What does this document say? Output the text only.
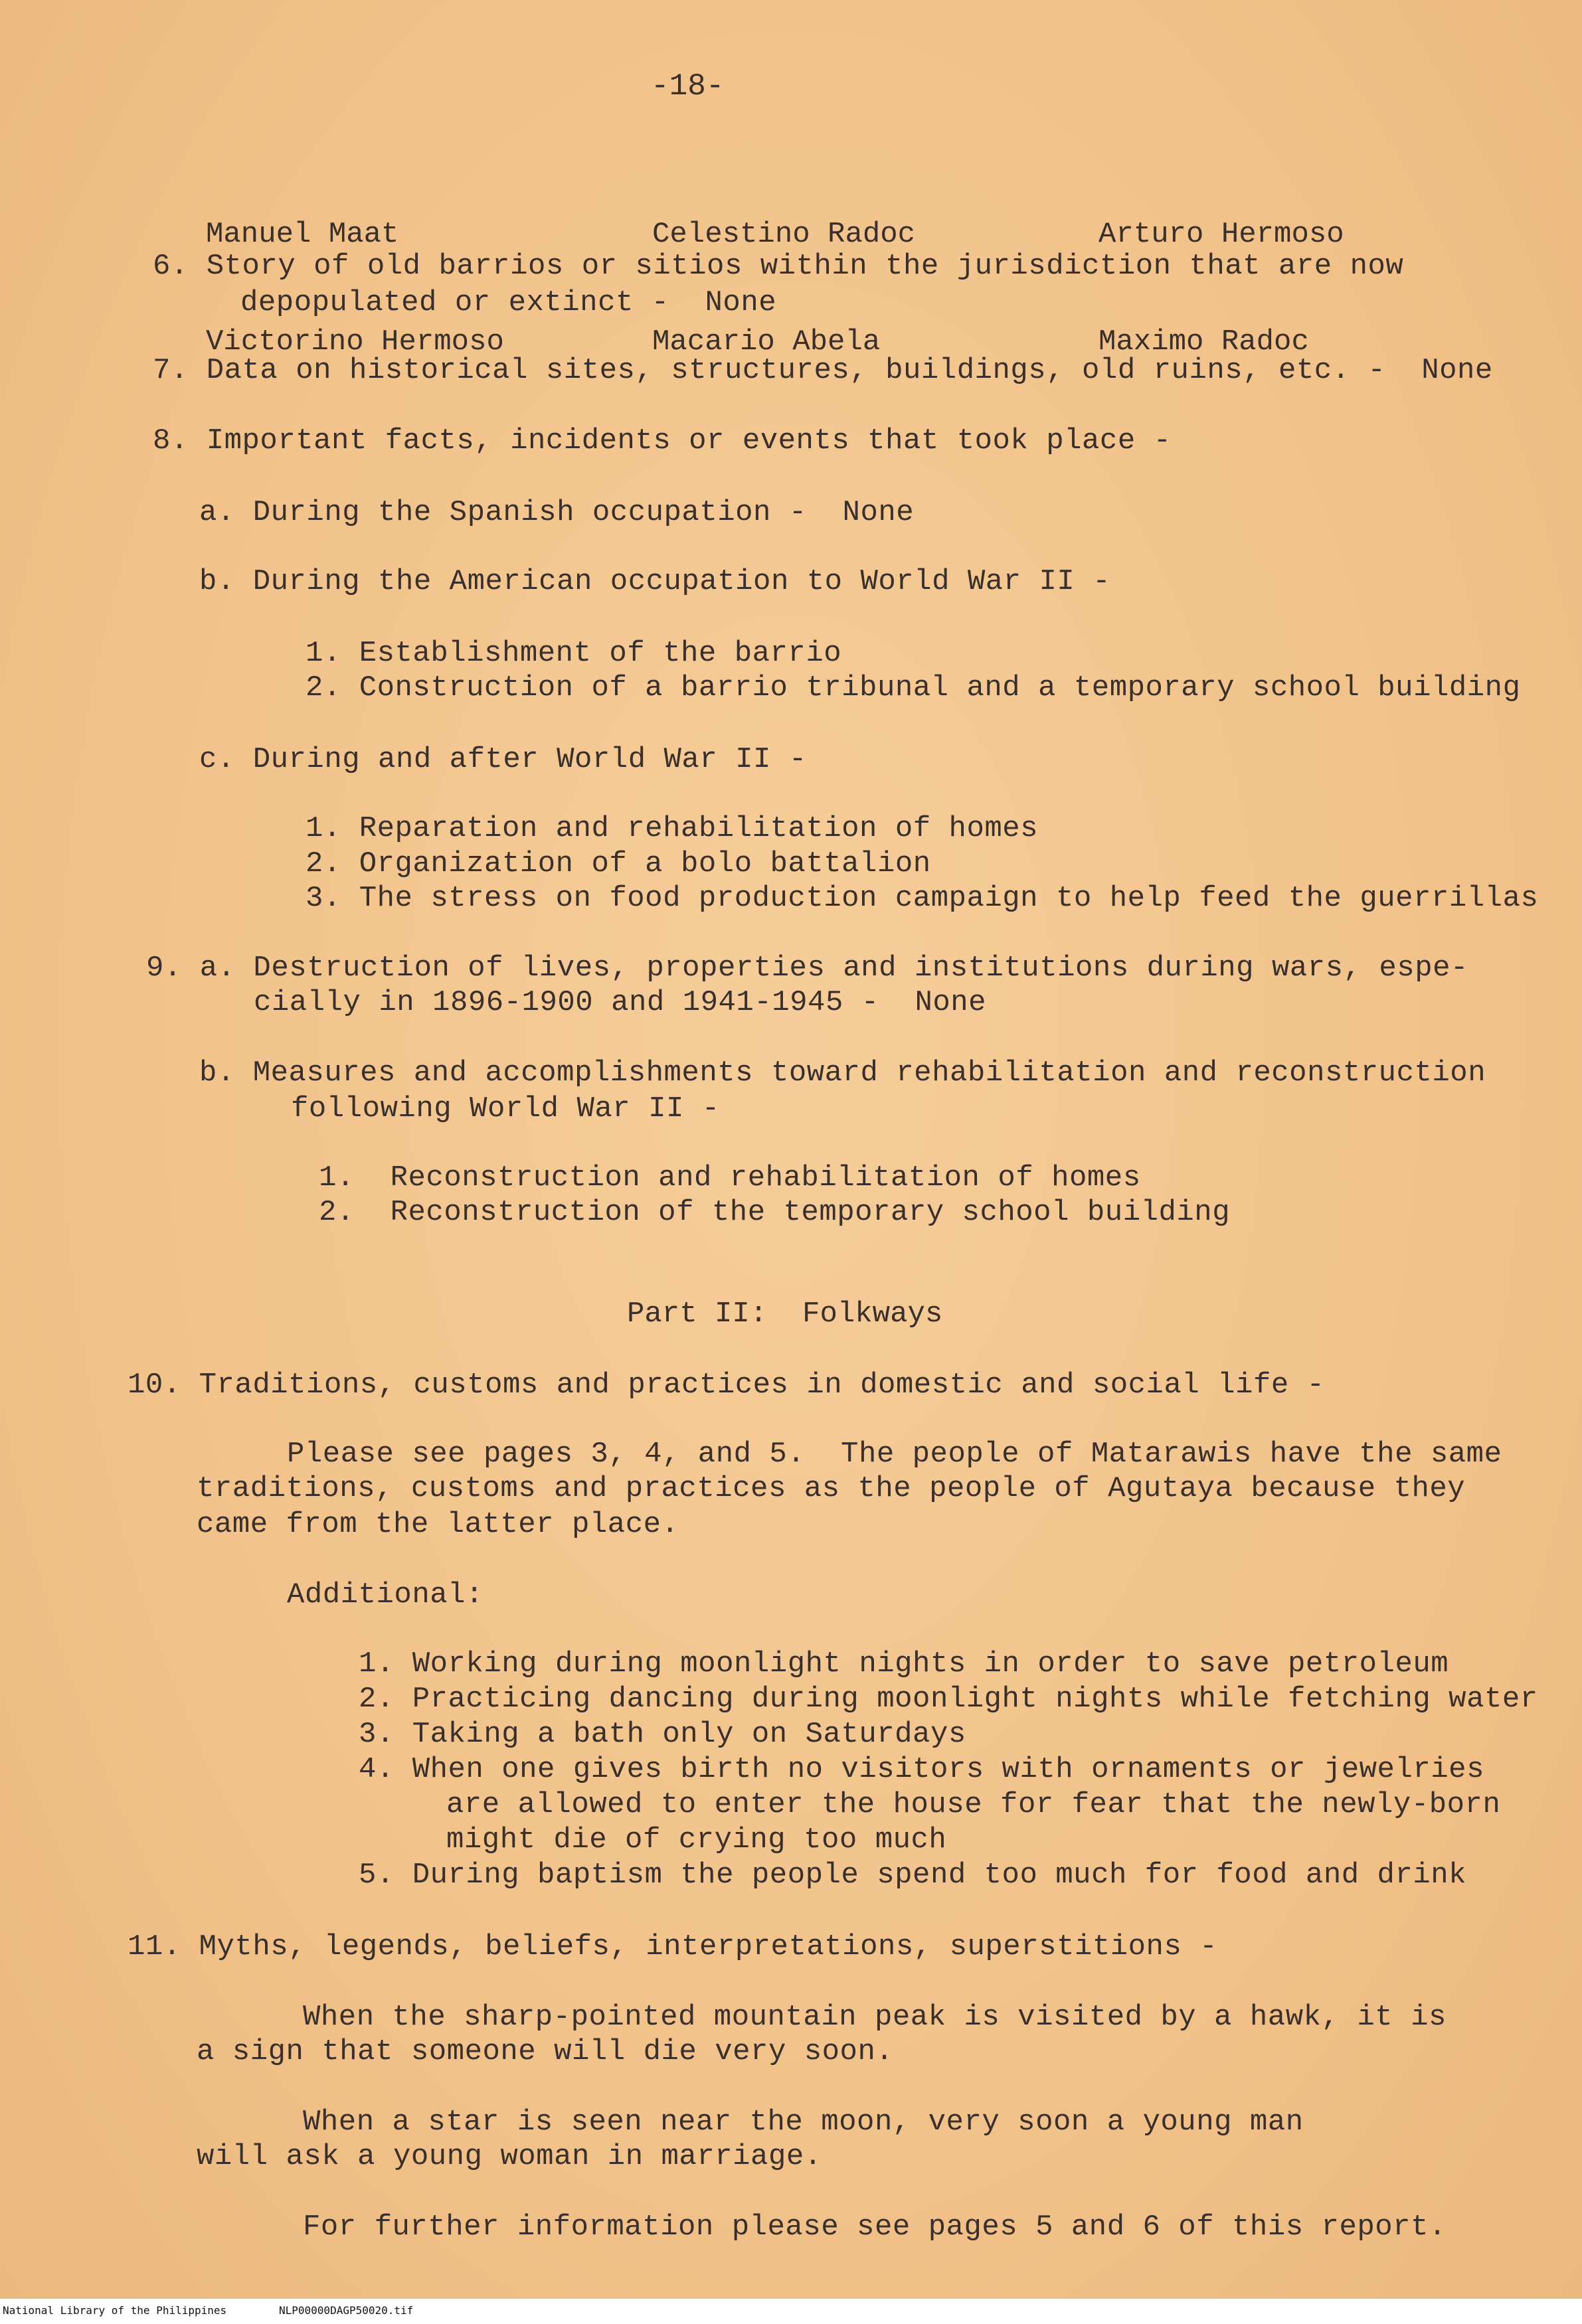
-18-

Manuel Maat

Victorino Hermoso

Celestino Radoc

Macario Abela

Arturo Hermoso

Maximo Radoc

6. Story of old barrios or sitios within the jurisdiction that are now
depopulated or extinct -  None
7. Data on historical sites, structures, buildings, old ruins, etc. -  None
8. Important facts, incidents or events that took place -
a. During the Spanish occupation -  None
b. During the American occupation to World War II -
1. Establishment of the barrio
2. Construction of a barrio tribunal and a temporary school building
c. During and after World War II -
1. Reparation and rehabilitation of homes
2. Organization of a bolo battalion
3. The stress on food production campaign to help feed the guerrillas
9. a. Destruction of lives, properties and institutions during wars, espe-
cially in 1896-1900 and 1941-1945 -  None
b. Measures and accomplishments toward rehabilitation and reconstruction
following World War II -
1.  Reconstruction and rehabilitation of homes
2.  Reconstruction of the temporary school building
Part II:  Folkways
10. Traditions, customs and practices in domestic and social life -
Please see pages 3, 4, and 5.  The people of Matarawis have the same
traditions, customs and practices as the people of Agutaya because they
came from the latter place.
Additional:
1. Working during moonlight nights in order to save petroleum
2. Practicing dancing during moonlight nights while fetching water
3. Taking a bath only on Saturdays
4. When one gives birth no visitors with ornaments or jewelries
are allowed to enter the house for fear that the newly-born
might die of crying too much
5. During baptism the people spend too much for food and drink
11. Myths, legends, beliefs, interpretations, superstitions -
When the sharp-pointed mountain peak is visited by a hawk, it is
a sign that someone will die very soon.
When a star is seen near the moon, very soon a young man
will ask a young woman in marriage.
For further information please see pages 5 and 6 of this report.
National Library of the Philippines	NLP00000DAGP50020.tif
